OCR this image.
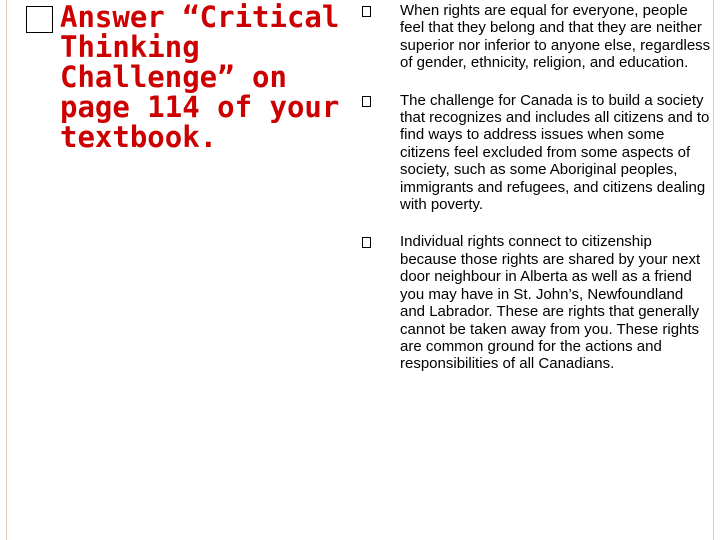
Answer “Critical Thinking Challenge” on page 114 of your textbook.

When rights are equal for everyone, people feel that they belong and that they are neither superior nor inferior to anyone else, regardless of gender, ethnicity, religion, and education.

The challenge for Canada is to build a society that recognizes and includes all citizens and to find ways to address issues when some citizens feel excluded from some aspects of society, such as some Aboriginal peoples, immigrants and refugees, and citizens dealing with poverty.

Individual rights connect to citizenship because those rights are shared by your next door neighbour in Alberta as well as a friend you may have in St. John’s, Newfoundland and Labrador. These are rights that generally cannot be taken away from you. These rights are common ground for the actions and responsibilities of all Canadians.
